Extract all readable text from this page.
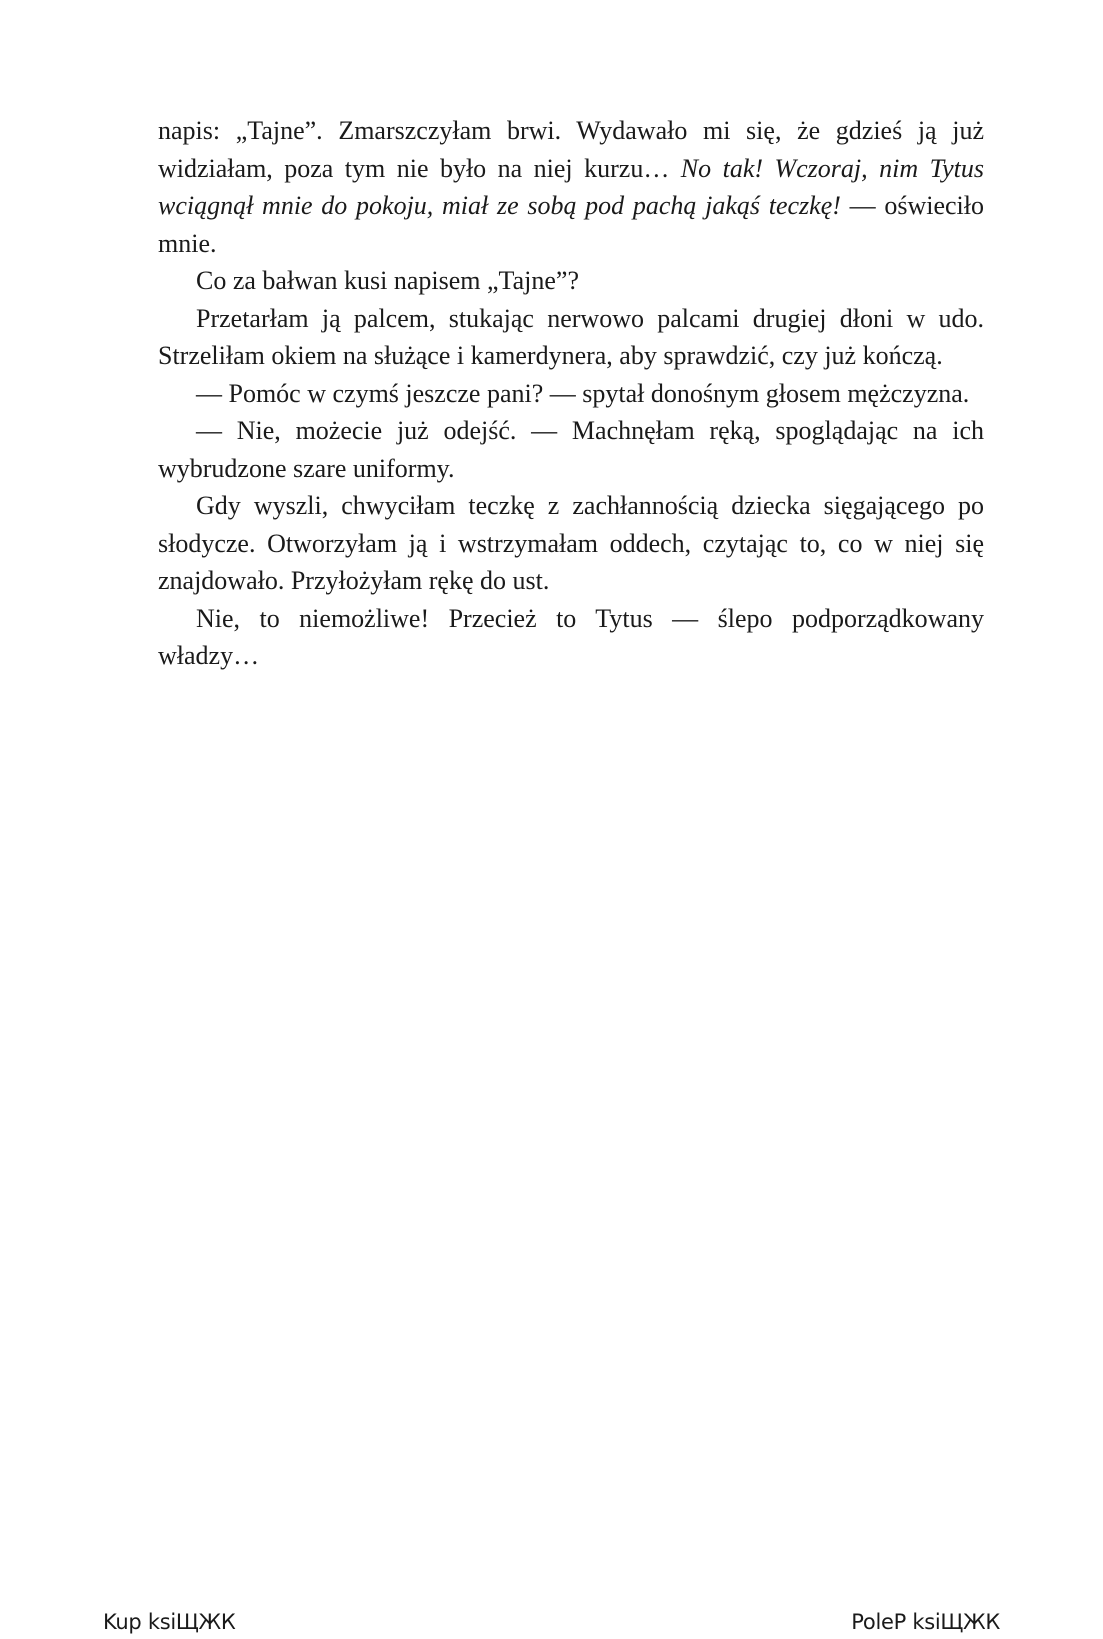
napis: „Tajne”. Zmarszczyłam brwi. Wydawało mi się, że gdzieś ją już widziałam, poza tym nie było na niej kurzu… No tak! Wczoraj, nim Tytus wciągnął mnie do pokoju, miał ze sobą pod pachą jakąś teczkę! — oświeciło mnie.

Co za bałwan kusi napisem „Tajne”?

Przetarłam ją palcem, stukając nerwowo palcami drugiej dłoni w udo. Strzeliłam okiem na służące i kamerdynera, aby sprawdzić, czy już kończą.

— Pomóc w czymś jeszcze pani? — spytał donośnym głosem mężczyzna.

— Nie, możecie już odejść. — Machnęłam ręką, spoglądając na ich wybrudzone szare uniformy.

Gdy wyszli, chwyciłam teczkę z zachłannością dziecka sięgającego po słodycze. Otworzyłam ją i wstrzymałam oddech, czytając to, co w niej się znajdowało. Przyłożyłam rękę do ust.

Nie, to niemożliwe! Przecież to Tytus — ślepo podporządkowany władzy…

Kup ksiЩЖК	PoleP ksiЩЖК
